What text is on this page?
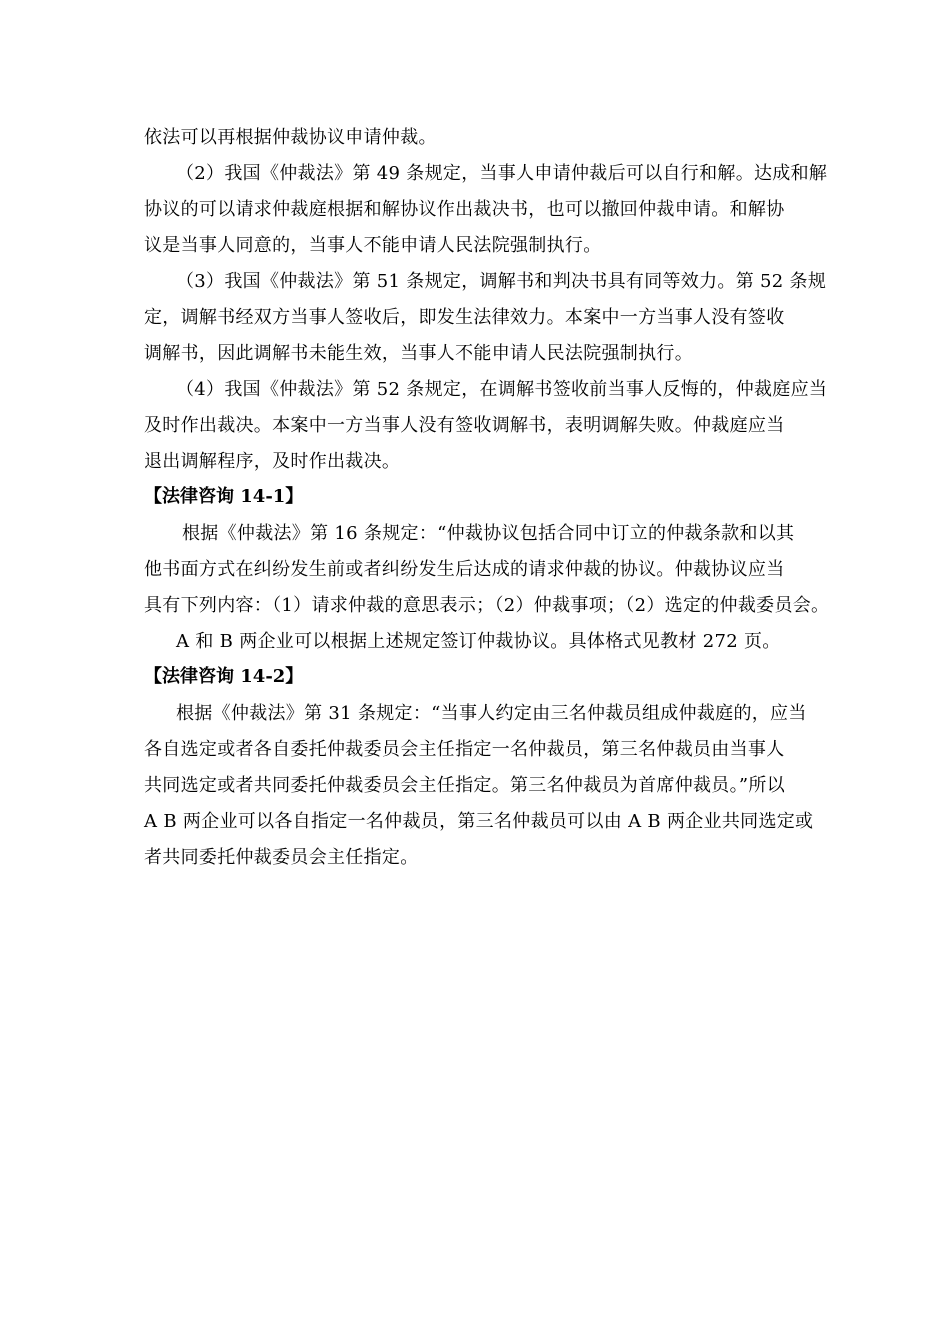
依法可以再根据仲裁协议申请仲裁。
（2）我国《仲裁法》第 49 条规定，当事人申请仲裁后可以自行和解。达成和解
协议的可以请求仲裁庭根据和解协议作出裁决书，也可以撤回仲裁申请。和解协
议是当事人同意的，当事人不能申请人民法院强制执行。
（3）我国《仲裁法》第 51 条规定，调解书和判决书具有同等效力。第 52 条规
定，调解书经双方当事人签收后，即发生法律效力。本案中一方当事人没有签收
调解书，因此调解书未能生效，当事人不能申请人民法院强制执行。
（4）我国《仲裁法》第 52 条规定，在调解书签收前当事人反悔的，仲裁庭应当
及时作出裁决。本案中一方当事人没有签收调解书，表明调解失败。仲裁庭应当
退出调解程序，及时作出裁决。
【法律咨询 14-1】
根据《仲裁法》第 16 条规定：“仲裁协议包括合同中订立的仲裁条款和以其
他书面方式在纠纷发生前或者纠纷发生后达成的请求仲裁的协议。仲裁协议应当
具有下列内容：（1）请求仲裁的意思表示；（2）仲裁事项；（2）选定的仲裁委员会。
A 和 B 两企业可以根据上述规定签订仲裁协议。具体格式见教材 272 页。
【法律咨询 14-2】
根据《仲裁法》第 31 条规定：“当事人约定由三名仲裁员组成仲裁庭的，应当
各自选定或者各自委托仲裁委员会主任指定一名仲裁员，第三名仲裁员由当事人
共同选定或者共同委托仲裁委员会主任指定。第三名仲裁员为首席仲裁员。”所以
A B 两企业可以各自指定一名仲裁员，第三名仲裁员可以由 A B 两企业共同选定或
者共同委托仲裁委员会主任指定。
